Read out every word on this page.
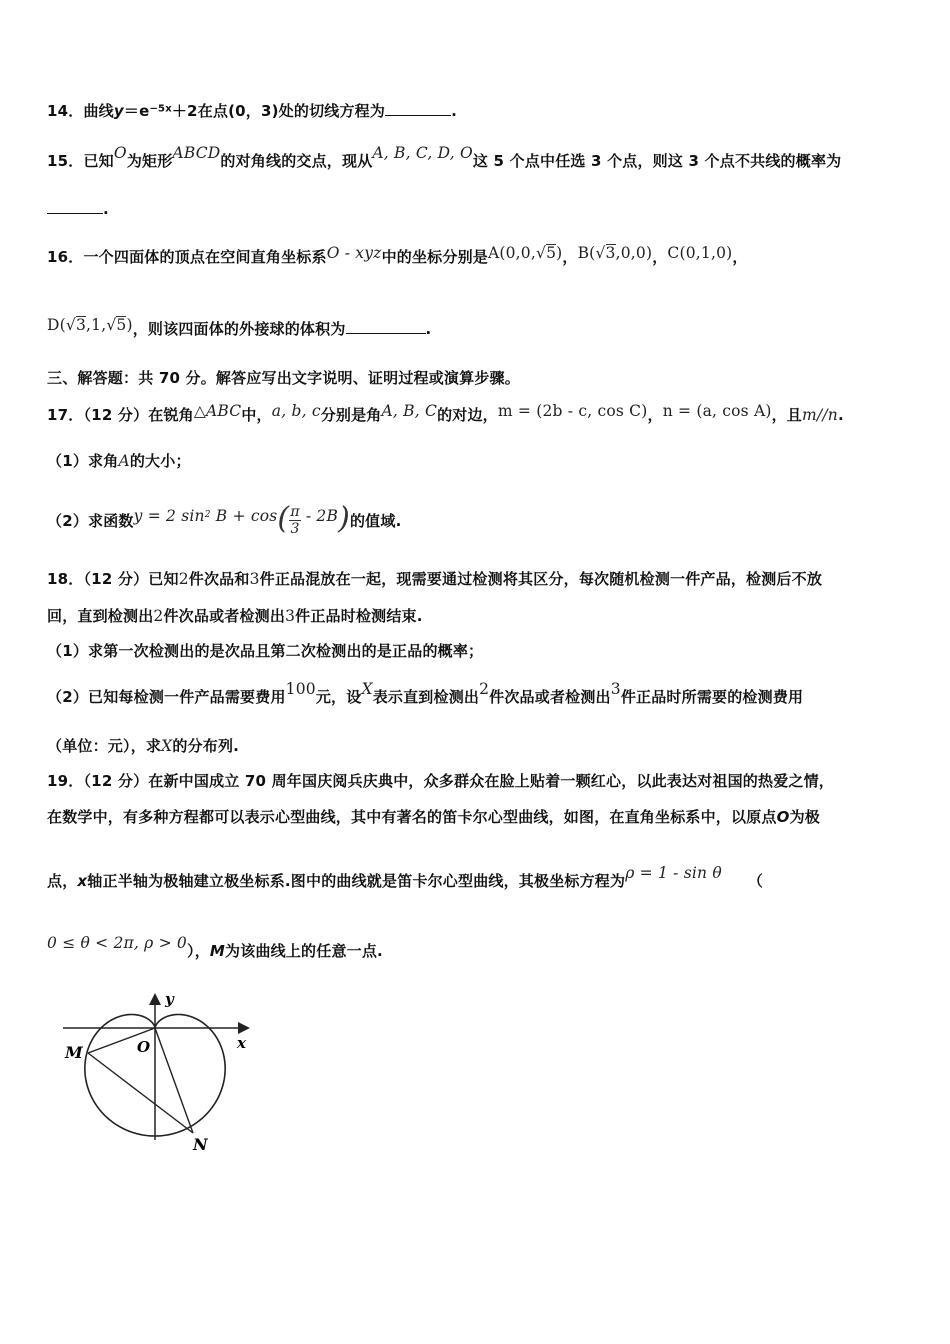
14．曲线$y=e^{-5x}+2$在点(0，3)处的切线方程为	.
15．已知O为矩形ABCD的对角线的交点，现从A, B, C, D, O这 5 个点中任选 3 个点，则这 3 个点不共线的概率为
.
16．一个四面体的顶点在空间直角坐标系O - xyz中的坐标分别是A(0,0,√5)，B(√3,0,0)，C(0,1,0)，
D(√3,1,√5)，则该四面体的外接球的体积为	.
三、解答题：共 70 分。解答应写出文字说明、证明过程或演算步骤。
17．（12 分）在锐角△ABC中，a, b, c分别是角A, B, C的对边，m = (2b - c, cos C)，n = (a, cos A)，且m//n.
（1）求角A的大小；
（2）求函数y = 2 $\sin^2 B + \cos( \frac{\pi}{3} - 2B)$的值域.
18．（12 分）已知2件次品和3件正品混放在一起，现需要通过检测将其区分，每次随机检测一件产品，检测后不放
回，直到检测出2件次品或者检测出3件正品时检测结束.
（1）求第一次检测出的是次品且第二次检测出的是正品的概率；
（2）已知每检测一件产品需要费用100元，设X表示直到检测出2件次品或者检测出3件正品时所需要的检测费用
（单位：元），求X的分布列.
19．（12 分）在新中国成立 70 周年国庆阅兵庆典中，众多群众在脸上贴着一颗红心，以此表达对祖国的热爱之情，
在数学中，有多种方程都可以表示心型曲线，其中有著名的笛卡尔心型曲线，如图，在直角坐标系中，以原点O为极
点，x轴正半轴为极轴建立极坐标系.图中的曲线就是笛卡尔心型曲线，其极坐标方程为ρ = 1 - sin θ （
0 ≤ θ < 2π, ρ > 0），M为该曲线上的任意一点.
y
x
O
M
N
